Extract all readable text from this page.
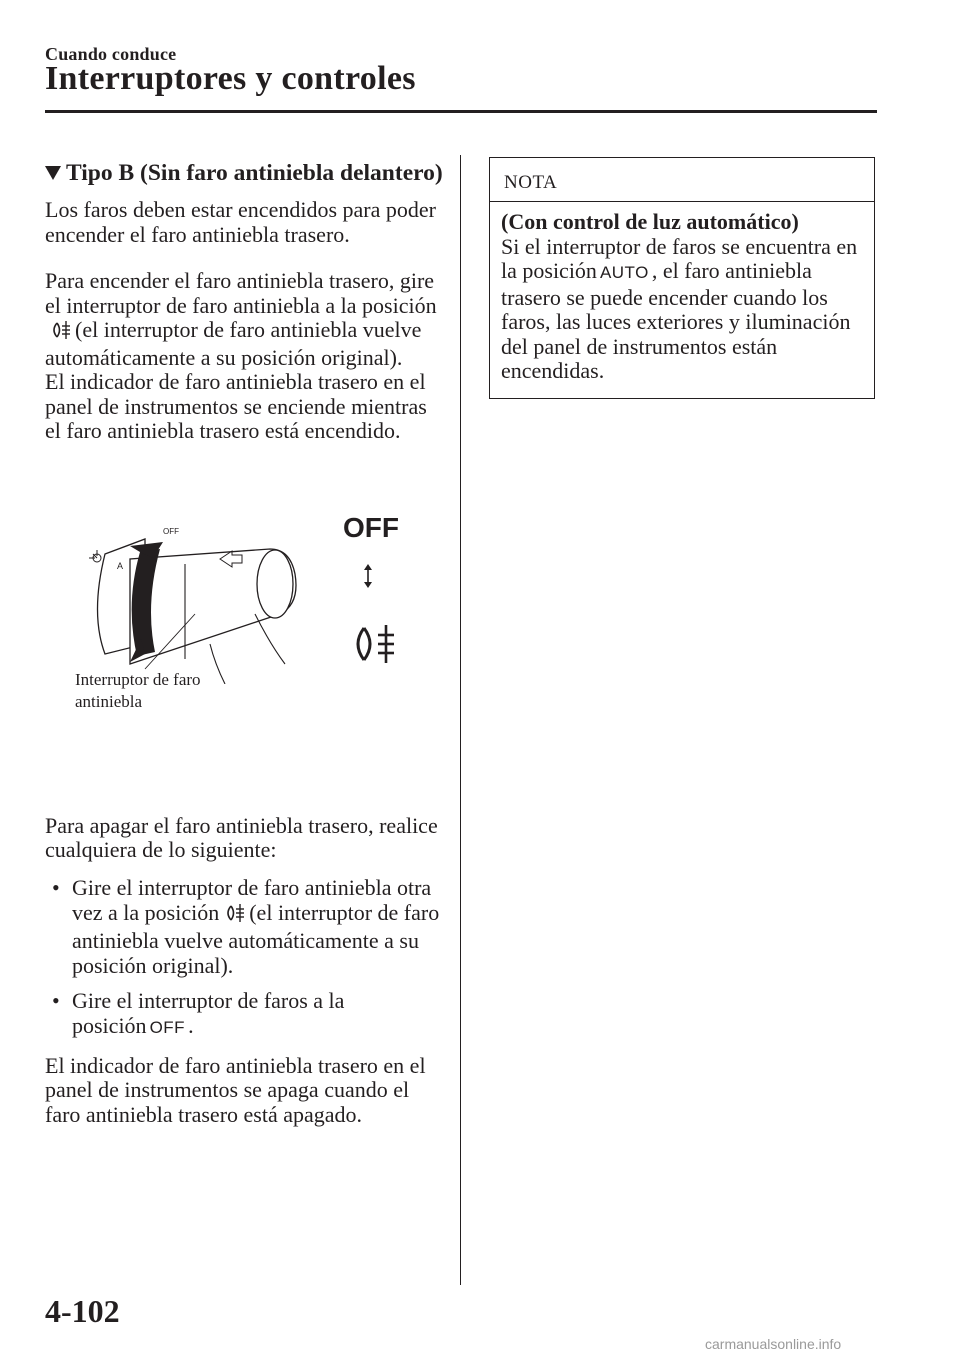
Cuando conduce
Interruptores y controles
Tipo B (Sin faro antiniebla delantero)

Los faros deben estar encendidos para poder encender el faro antiniebla trasero.

Para encender el faro antiniebla trasero, gire el interruptor de faro antiniebla a la posición(el interruptor de faro antiniebla vuelve automáticamente a su posición original).
El indicador de faro antiniebla trasero en el panel de instrumentos se enciende mientras el faro antiniebla trasero está encendido.

A
OFF	OFF
Interruptor de faro
antiniebla

Para apagar el faro antiniebla trasero, realice cualquiera de lo siguiente:

• Gire el interruptor de faro antiniebla otra vez a la posición (el interruptor de faro antiniebla vuelve automáticamente a su posición original).
• Gire el interruptor de faros a la posición OFF .

El indicador de faro antiniebla trasero en el panel de instrumentos se apaga cuando el faro antiniebla trasero está apagado.

NOTA
(Con control de luz automático)

Si el interruptor de faros se encuentra en la posición AUTO , el faro antiniebla trasero se puede encender cuando los faros, las luces exteriores y iluminación del panel de instrumentos están encendidas.

4-102
carmanualsonline.info
